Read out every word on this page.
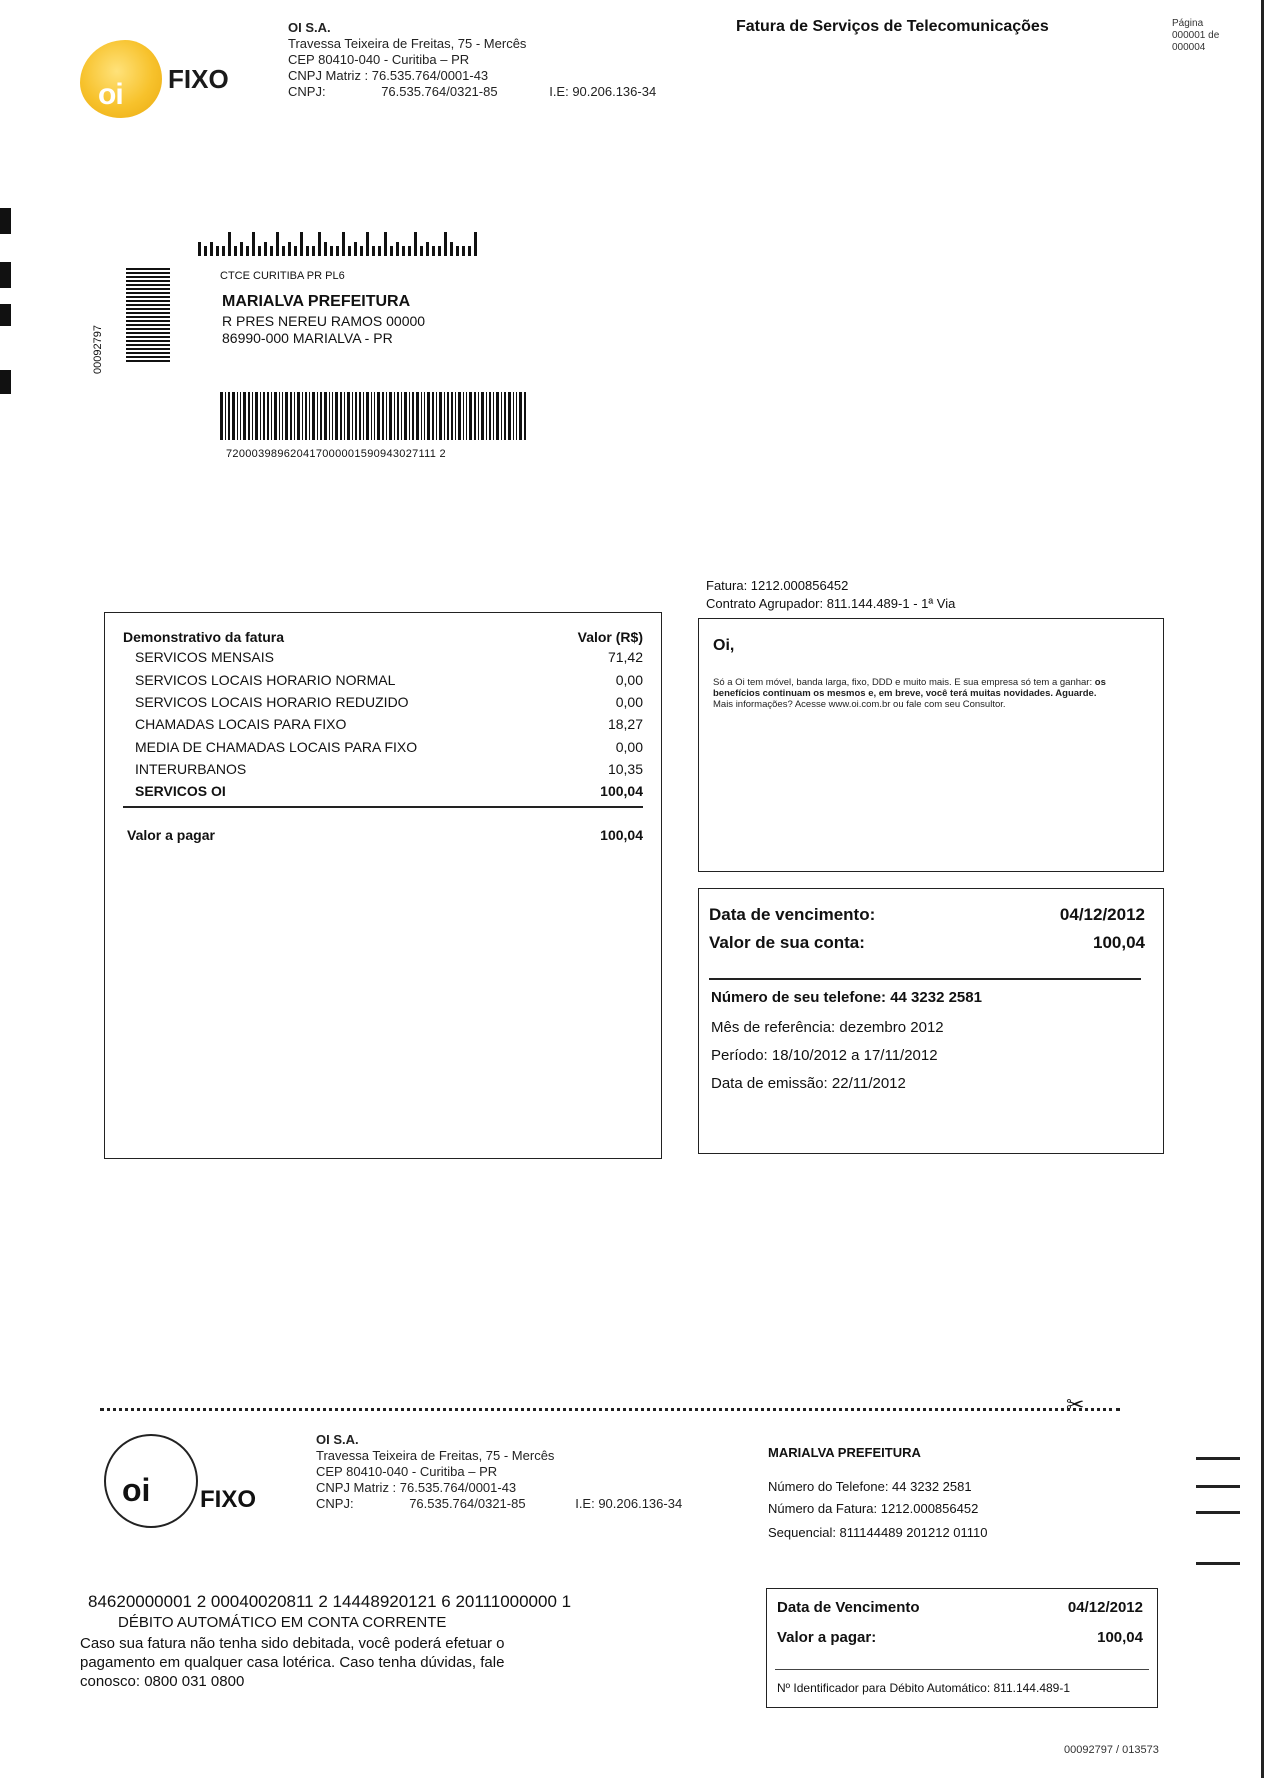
oi FIXO
OI S.A.
Travessa Teixeira de Freitas, 75 - Mercês
CEP 80410-040 - Curitiba – PR
CNPJ Matriz : 76.535.764/0001-43
CNPJ:	76.535.764/0321-85	I.E: 90.206.136-34
Fatura de Serviços de Telecomunicações	Página
000001 de
000004
00092797
CTCE CURITIBA PR PL6
MARIALVA PREFEITURA
R PRES NEREU RAMOS 00000
86990-000 MARIALVA - PR
720003989620417000001590943027111 2
Fatura: 1212.000856452
Contrato Agrupador: 811.144.489-1 - 1ª Via
Demonstrativo da fatura	Valor (R$)
SERVICOS MENSAIS	71,42
SERVICOS LOCAIS HORARIO NORMAL	0,00
SERVICOS LOCAIS HORARIO REDUZIDO	0,00
CHAMADAS LOCAIS PARA FIXO	18,27
MEDIA DE CHAMADAS LOCAIS PARA FIXO	0,00
INTERURBANOS	10,35
SERVICOS OI	100,04
Valor a pagar	100,04
Oi,
Só a Oi tem móvel, banda larga, fixo, DDD e muito mais. E sua empresa só tem a ganhar: os benefícios continuam os mesmos e, em breve, você terá muitas novidades. Aguarde.
Mais informações? Acesse www.oi.com.br ou fale com seu Consultor.
Data de vencimento:	04/12/2012
Valor de sua conta:	100,04
Número de seu telefone: 44 3232 2581
Mês de referência: dezembro 2012
Período: 18/10/2012 a 17/11/2012
Data de emissão: 22/11/2012
✂
oi FIXO
OI S.A.
Travessa Teixeira de Freitas, 75 - Mercês
CEP 80410-040 - Curitiba – PR
CNPJ Matriz : 76.535.764/0001-43
CNPJ:	76.535.764/0321-85	I.E: 90.206.136-34
MARIALVA PREFEITURA
Número do Telefone: 44 3232 2581
Número da Fatura: 1212.000856452
Sequencial: 811144489 201212 01110
84620000001 2 00040020811 2 14448920121 6 20111000000 1
DÉBITO AUTOMÁTICO EM CONTA CORRENTE
Caso sua fatura não tenha sido debitada, você poderá efetuar o pagamento em qualquer casa lotérica. Caso tenha dúvidas, fale conosco: 0800 031 0800
Data de Vencimento	04/12/2012
Valor a pagar:	100,04
Nº Identificador para Débito Automático: 811.144.489-1
00092797 / 013573
